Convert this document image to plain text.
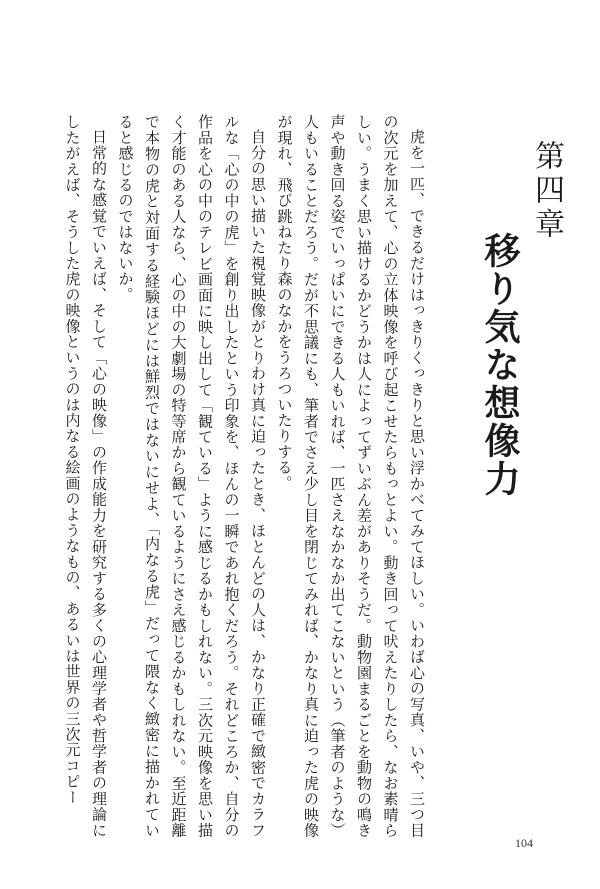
第四章
移り気な想像力

虎を一匹、できるだけはっきりくっきりと思い浮かべてみてほしい。いわば心の写真、いや、三つ目の次元を加えて、心の立体映像を呼び起こせたらもっとよい。動き回って吠えたりしたら、なお素晴らしい。うまく思い描けるかどうかは人によってずいぶん差がありそうだ。動物園まるごとを動物の鳴き声や動き回る姿でいっぱいにできる人もいれば、一匹さえなかなか出てこないという（筆者のような）人もいることだろう。だが不思議にも、筆者でさえ少し目を閉じてみれば、かなり真に迫った虎の映像が現れ、飛び跳ねたり森のなかをうろついたりする。

自分の思い描いた視覚映像がとりわけ真に迫ったとき、ほとんどの人は、かなり正確で緻密でカラフルな「心の中の虎」を創り出したという印象を、ほんの一瞬であれ抱くだろう。それどころか、自分の作品を心の中のテレビ画面に映し出して「観ている」ように感じるかもしれない。三次元映像を思い描く才能のある人なら、心の中の大劇場の特等席から観ているようにさえ感じるかもしれない。至近距離で本物の虎と対面する経験ほどには鮮烈ではないにせよ、「内なる虎」だって隈なく緻密に描かれていると感じるのではないか。

日常的な感覚でいえば、そして「心の映像」の作成能力を研究する多くの心理学者や哲学者の理論にしたがえば、そうした虎の映像というのは内なる絵画のようなもの、あるいは世界の三次元コピー

104
